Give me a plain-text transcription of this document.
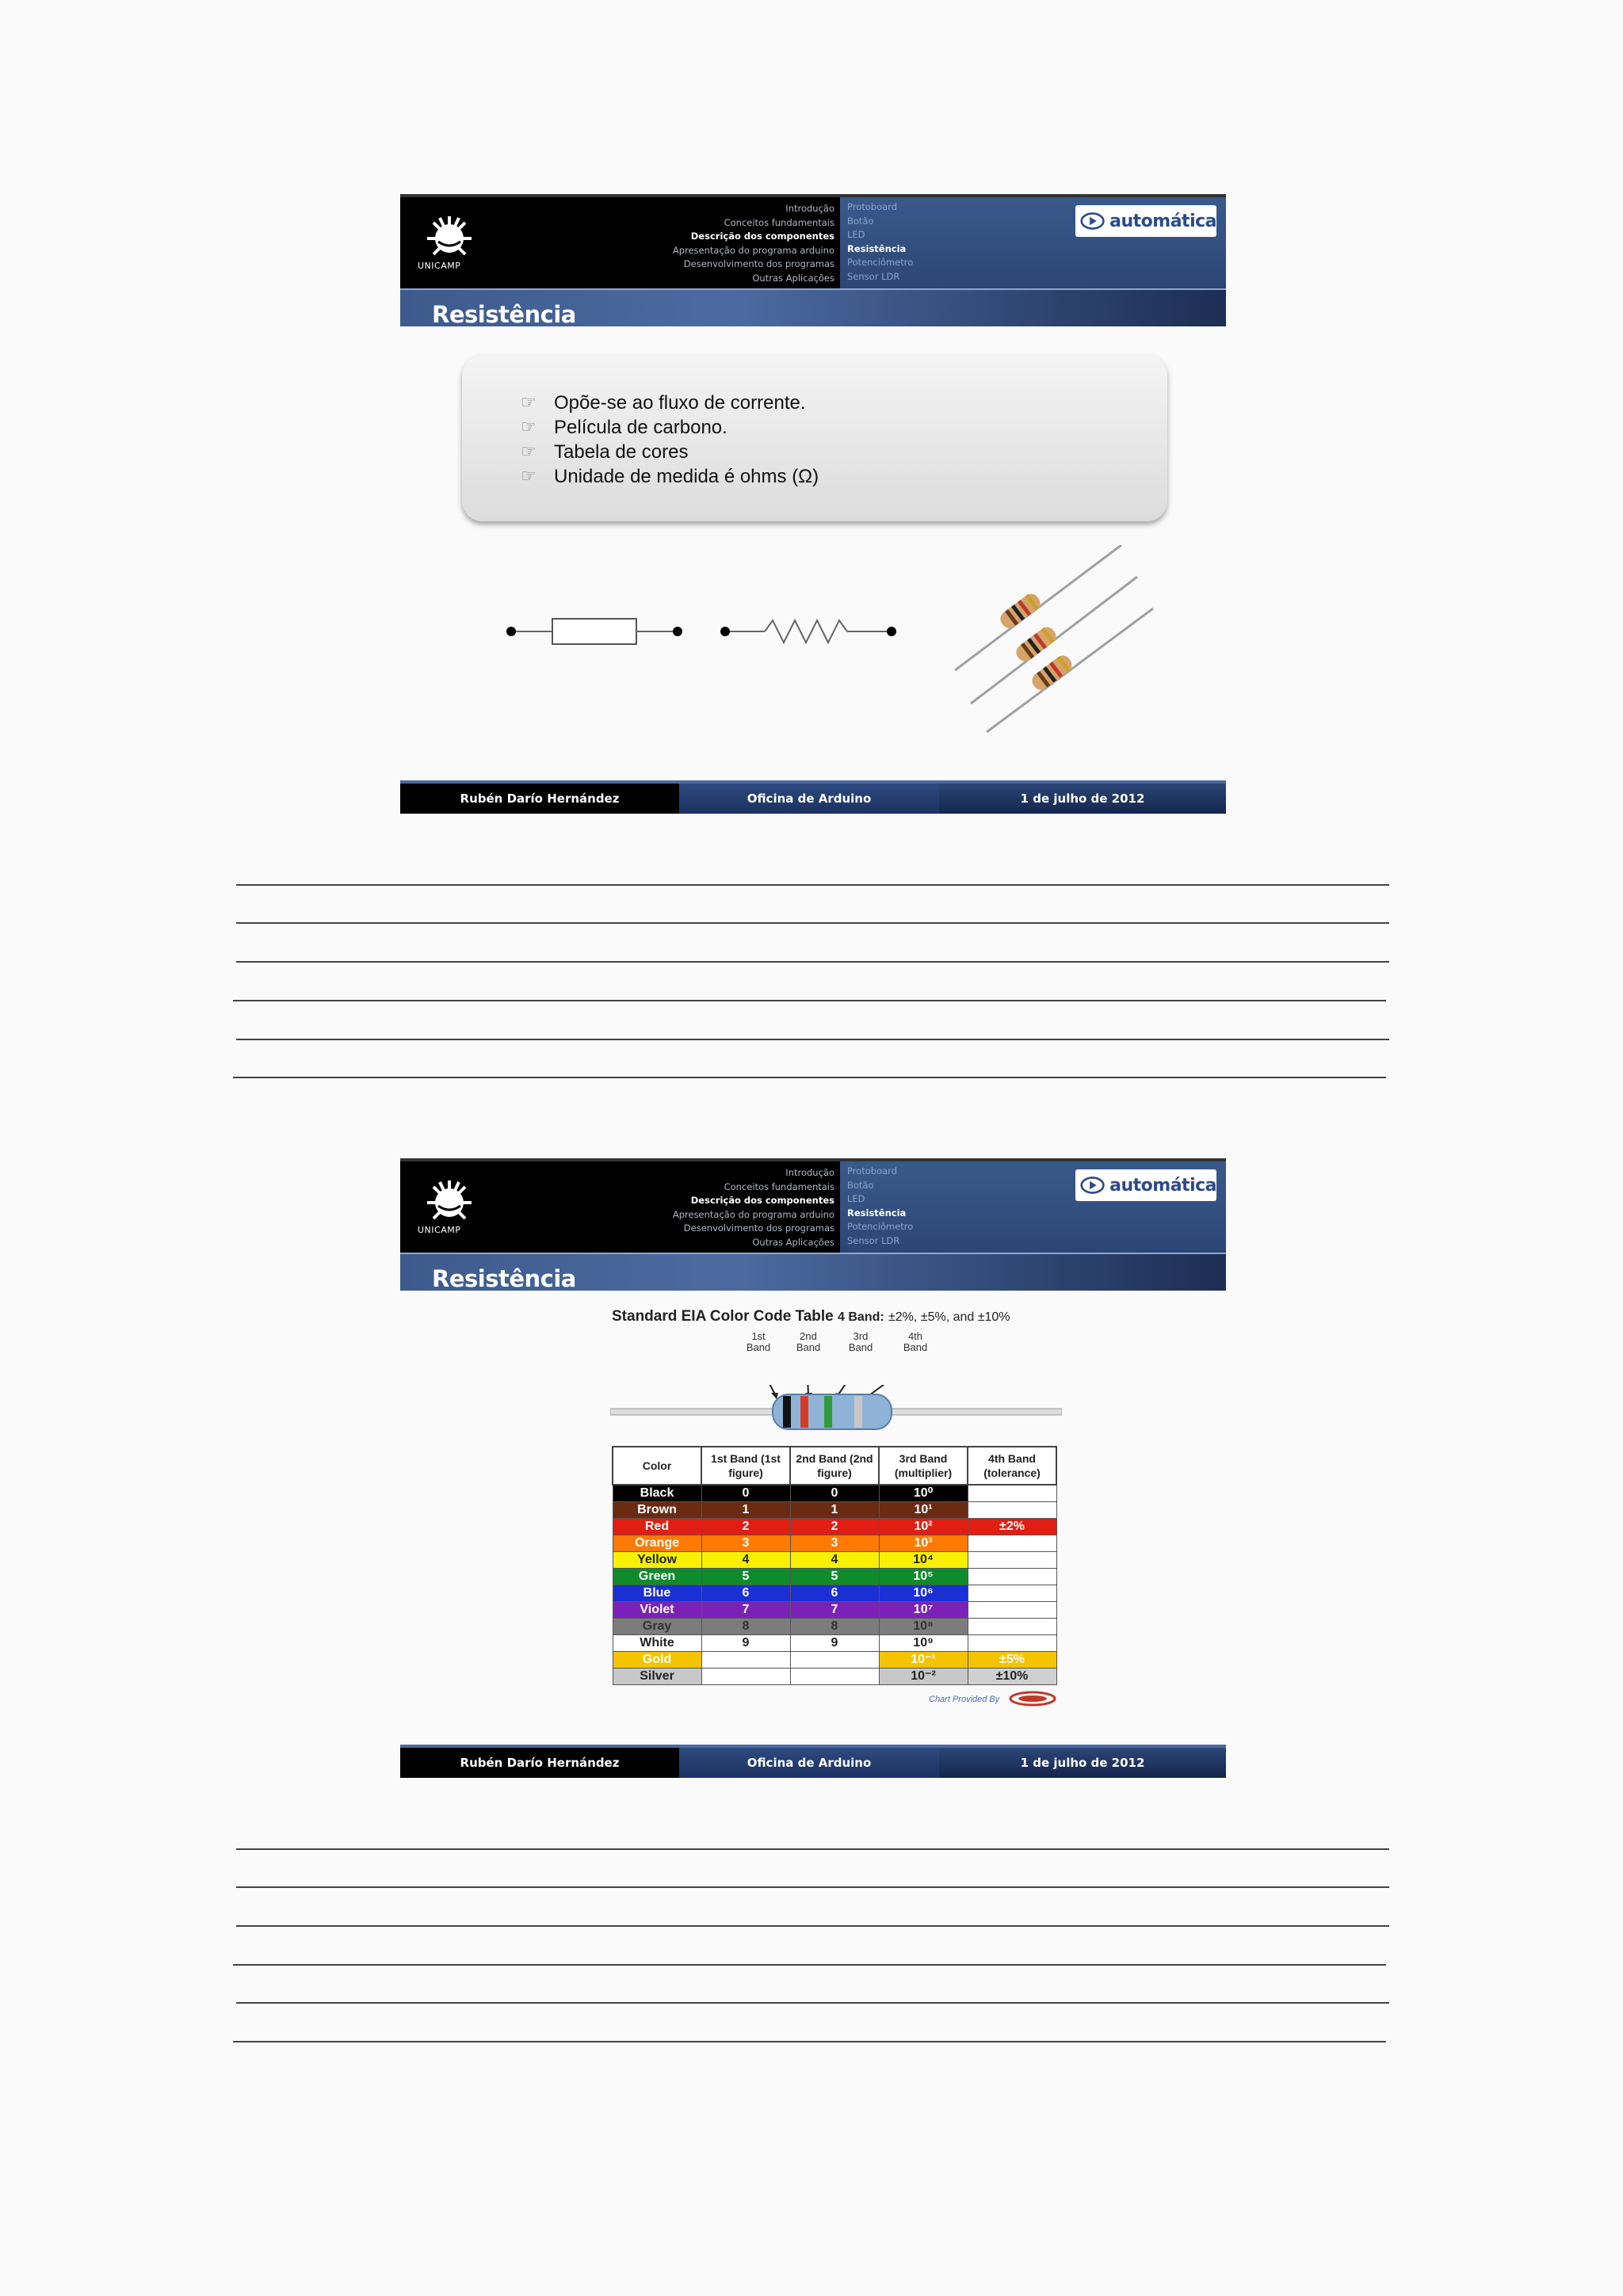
UNICAMP
Introdução
Conceitos fundamentais
Descrição dos componentes
Apresentação do programa arduino
Desenvolvimento dos programas
Outras Aplicações
Protoboard
Botão
LED
Resistência
Potenciômetro
Sensor LDR
automática
Resistência
☞ Opõe-se ao fluxo de corrente.
☞ Película de carbono.
☞ Tabela de cores
☞ Unidade de medida é ohms (Ω)
Rubén Darío Hernández	Oficina de Arduino	1 de julho de 2012
UNICAMP
Introdução
Conceitos fundamentais
Descrição dos componentes
Apresentação do programa arduino
Desenvolvimento dos programas
Outras Aplicações
Protoboard
Botão
LED
Resistência
Potenciômetro
Sensor LDR
automática
Resistência
Standard EIA Color Code Table 4 Band: ±2%, ±5%, and ±10%
1st Band
2nd Band
3rd Band
4th Band
Color	1st Band (1st figure)	2nd Band (2nd figure)	3rd Band (multiplier)	4th Band (tolerance)
Black	0	0	10⁰	
Brown	1	1	10¹	
Red	2	2	10²	±2%
Orange	3	3	10³	
Yellow	4	4	10⁴	
Green	5	5	10⁵	
Blue	6	6	10⁶	
Violet	7	7	10⁷	
Gray	8	8	10⁸	
White	9	9	10⁹	
Gold			10⁻¹	±5%
Silver			10⁻²	±10%
Chart Provided By
Rubén Darío Hernández	Oficina de Arduino	1 de julho de 2012
